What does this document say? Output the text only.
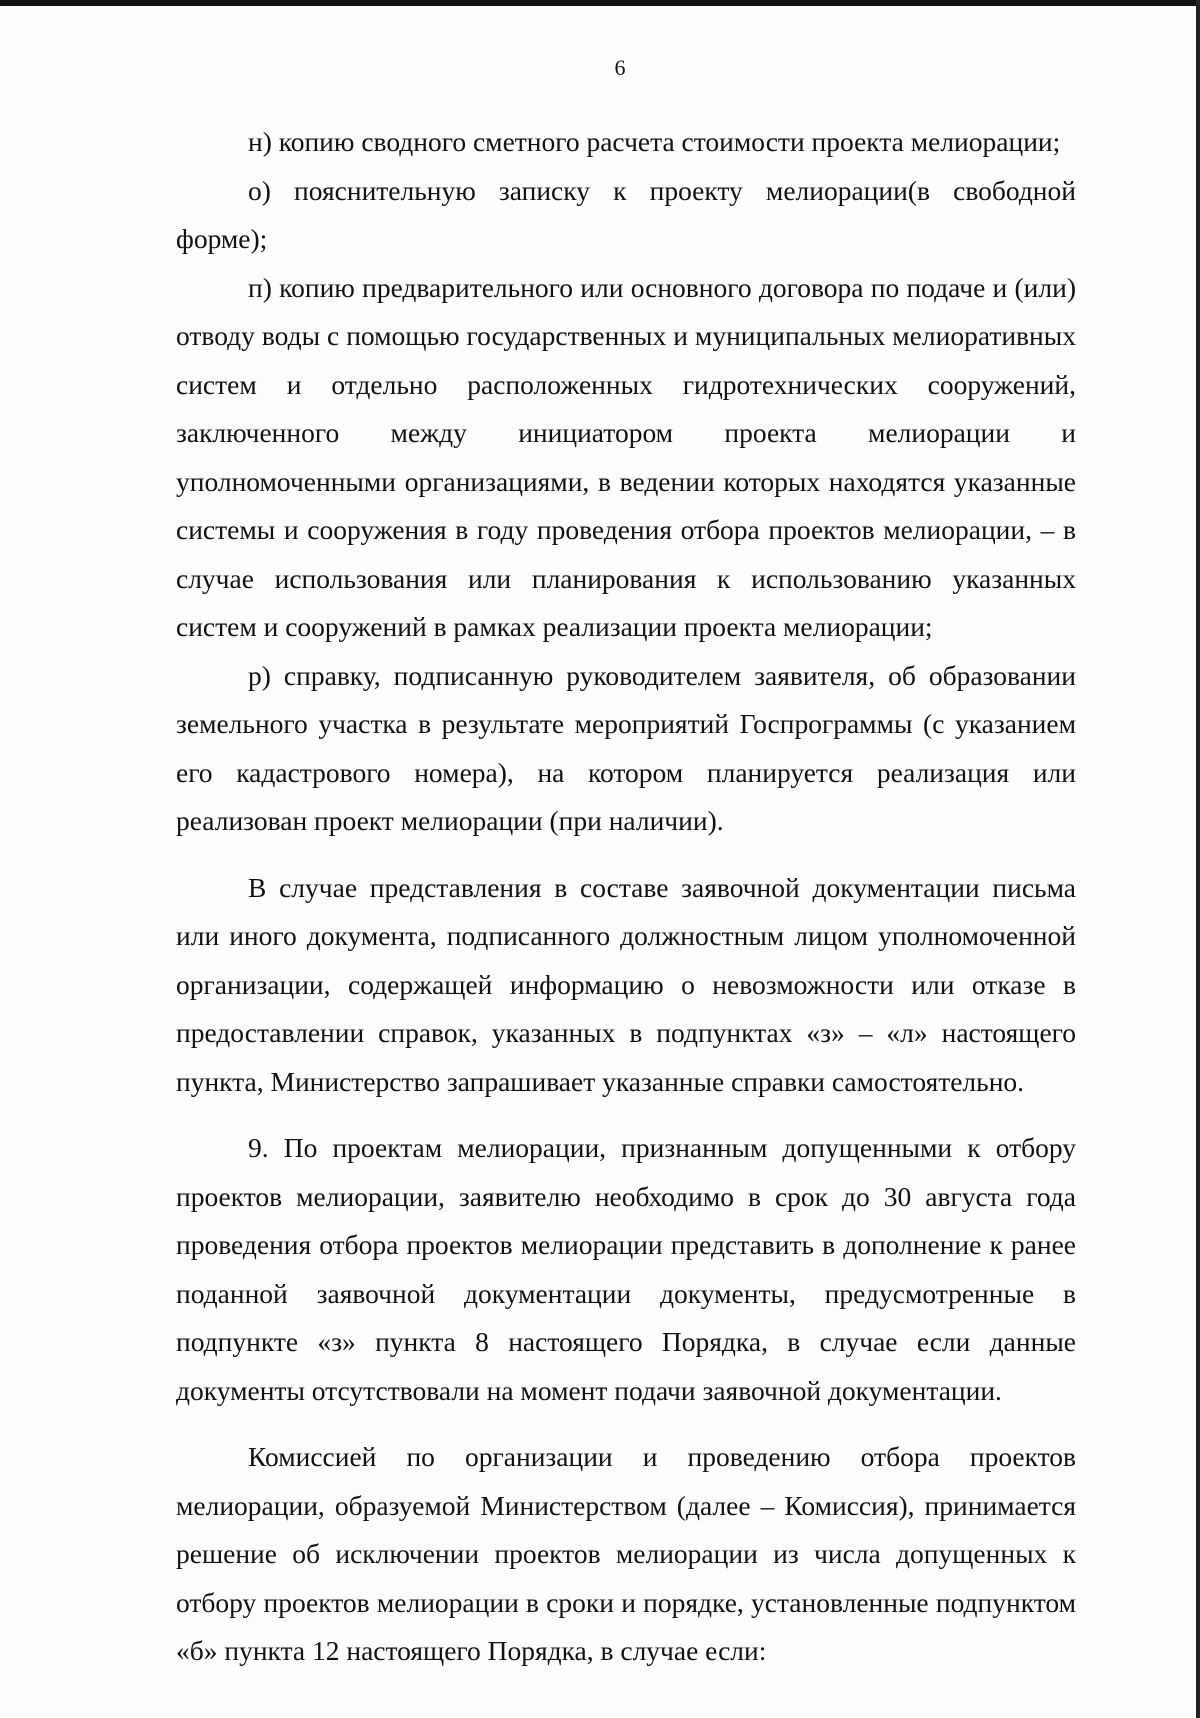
6

н) копию сводного сметного расчета стоимости проекта мелиорации;

о) пояснительную записку к проекту мелиорации(в свободной форме);

п) копию предварительного или основного договора по подаче и (или) отводу воды с помощью государственных и муниципальных мелиоративных систем и отдельно расположенных гидротехнических сооружений, заключенного между инициатором проекта мелиорации и уполномоченными организациями, в ведении которых находятся указанные системы и сооружения в году проведения отбора проектов мелиорации, – в случае использования или планирования к использованию указанных систем и сооружений в рамках реализации проекта мелиорации;

р) справку, подписанную руководителем заявителя, об образовании земельного участка в результате мероприятий Госпрограммы (с указанием его кадастрового номера), на котором планируется реализация или реализован проект мелиорации (при наличии).

В случае представления в составе заявочной документации письма или иного документа, подписанного должностным лицом уполномоченной организации, содержащей информацию о невозможности или отказе в предоставлении справок, указанных в подпунктах «з» – «л» настоящего пункта, Министерство запрашивает указанные справки самостоятельно.

9. По проектам мелиорации, признанным допущенными к отбору проектов мелиорации, заявителю необходимо в срок до 30 августа года проведения отбора проектов мелиорации представить в дополнение к ранее поданной заявочной документации документы, предусмотренные в подпункте «з» пункта 8 настоящего Порядка, в случае если данные документы отсутствовали на момент подачи заявочной документации.

Комиссией по организации и проведению отбора проектов мелиорации, образуемой Министерством (далее – Комиссия), принимается решение об исключении проектов мелиорации из числа допущенных к отбору проектов мелиорации в сроки и порядке, установленные подпунктом «б» пункта 12 настоящего Порядка, в случае если:
